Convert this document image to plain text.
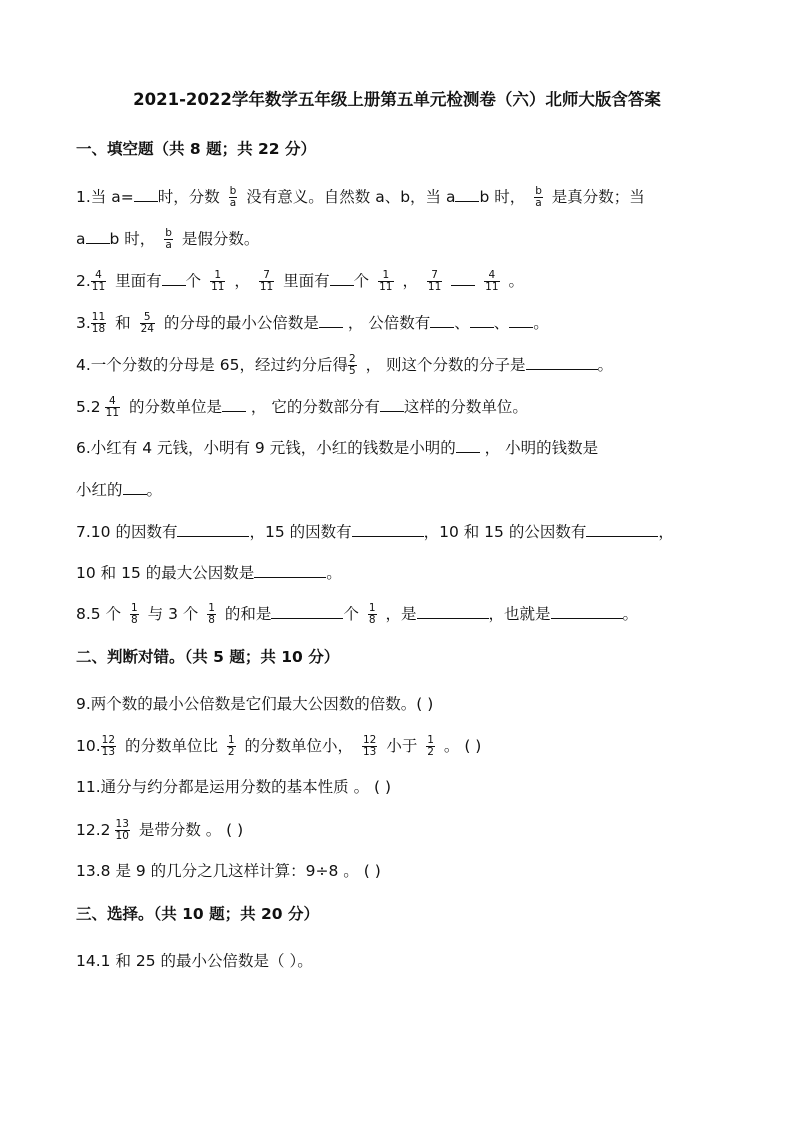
2021-2022学年数学五年级上册第五单元检测卷（六）北师大版含答案
一、填空题（共 8 题；共 22 分）
1.当 a= 时，分数 $\frac{b}{a}$ 没有意义。自然数 a、b，当 a b 时， $\frac{b}{a}$ 是真分数；当
a b 时， $\frac{b}{a}$ 是假分数。
2. $\frac{4}{11}$ 里面有 个 $\frac{1}{11}$ ， $\frac{7}{11}$ 里面有 个 $\frac{1}{11}$ ， $\frac{7}{11}$
	$\frac{4}{11}$ 。
3. $\frac{11}{18}$ 和 $\frac{5}{24}$ 的分母的最小公倍数是 ， 公倍数有 、 、 。
4.一个分数的分母是 65，经过约分后得 $\frac{2}{5}$ ， 则这个分数的分子是	。
$5.2 \frac{4}{11}$ 的分数单位是 ， 它的分数部分有 这样的分数单位。
6.小红有 4 元钱，小明有 9 元钱，小红的钱数是小明的 ， 小明的钱数是
小红的 。
7.10 的因数有	，15 的因数有	，10 和 15 的公因数有	，
10 和 15 的最大公因数是	。
8.5 个 $\frac{1}{8}$ 与 3 个 $\frac{1}{8}$ 的和是	个 $\frac{1}{8}$ ，是	，也就是	。
二、判断对错。（共 5 题；共 10 分）
9.两个数的最小公倍数是它们最大公因数的倍数。( )
10. $\frac{12}{13}$ 的分数单位比 $\frac{1}{2}$ 的分数单位小， $\frac{12}{13}$ 小于 $\frac{1}{2}$ 。 ( )
11.通分与约分都是运用分数的基本性质 。 ( )
$12.2 \frac{13}{10}$ 是带分数 。 ( )
13.8 是 9 的几分之几这样计算：9÷8 。 ( )
三、选择。（共 10 题；共 20 分）
14.1 和 25 的最小公倍数是（ ）。
